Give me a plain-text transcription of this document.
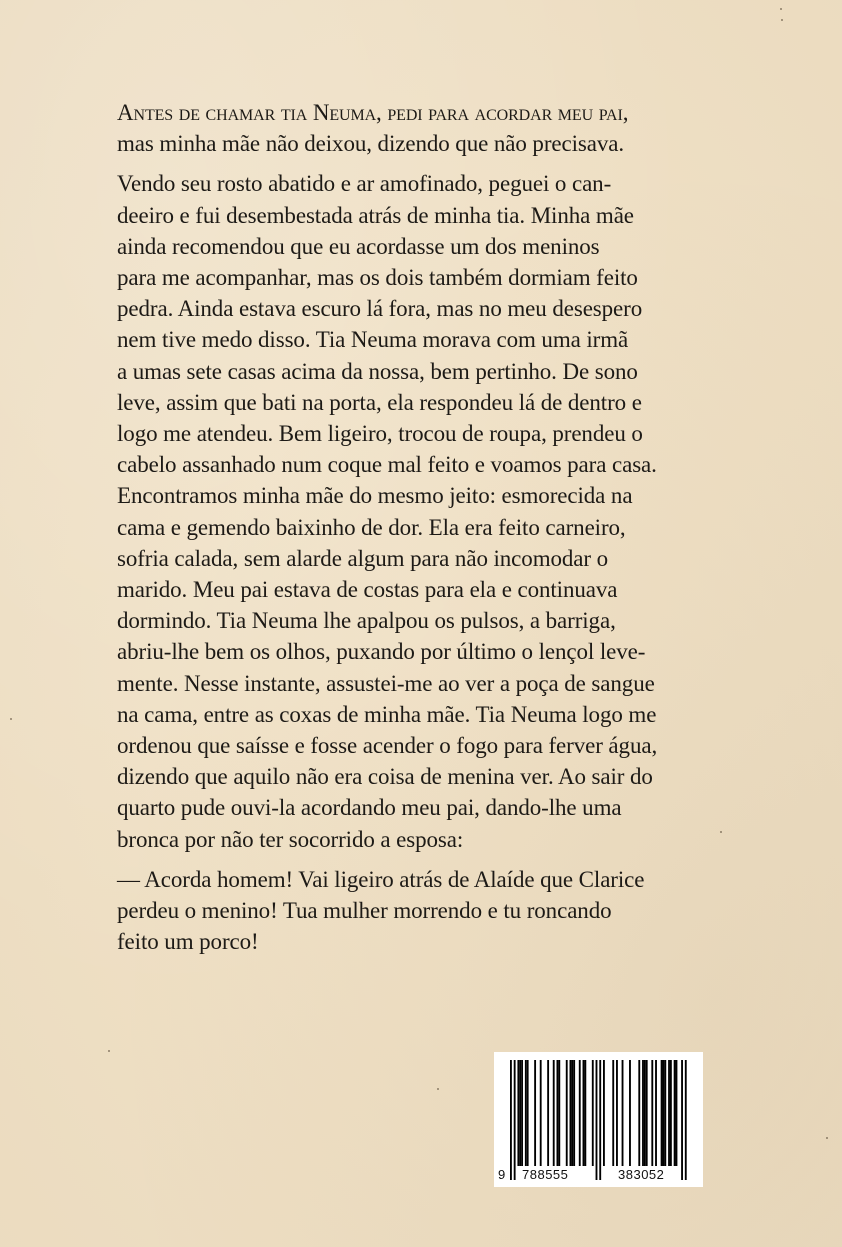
Antes de chamar tia Neuma, pedi para acordar meu pai,
mas minha mãe não deixou, dizendo que não precisava.

Vendo seu rosto abatido e ar amofinado, peguei o can-
deeiro e fui desembestada atrás de minha tia. Minha mãe
ainda recomendou que eu acordasse um dos meninos
para me acompanhar, mas os dois também dormiam feito
pedra. Ainda estava escuro lá fora, mas no meu desespero
nem tive medo disso. Tia Neuma morava com uma irmã
a umas sete casas acima da nossa, bem pertinho. De sono
leve, assim que bati na porta, ela respondeu lá de dentro e
logo me atendeu. Bem ligeiro, trocou de roupa, prendeu o
cabelo assanhado num coque mal feito e voamos para casa.
Encontramos minha mãe do mesmo jeito: esmorecida na
cama e gemendo baixinho de dor. Ela era feito carneiro,
sofria calada, sem alarde algum para não incomodar o
marido. Meu pai estava de costas para ela e continuava
dormindo. Tia Neuma lhe apalpou os pulsos, a barriga,
abriu-lhe bem os olhos, puxando por último o lençol leve-
mente. Nesse instante, assustei-me ao ver a poça de sangue
na cama, entre as coxas de minha mãe. Tia Neuma logo me
ordenou que saísse e fosse acender o fogo para ferver água,
dizendo que aquilo não era coisa de menina ver. Ao sair do
quarto pude ouvi-la acordando meu pai, dando-lhe uma
bronca por não ter socorrido a esposa:

— Acorda homem! Vai ligeiro atrás de Alaíde que Clarice
perdeu o menino! Tua mulher morrendo e tu roncando
feito um porco!

9 788555	383052
